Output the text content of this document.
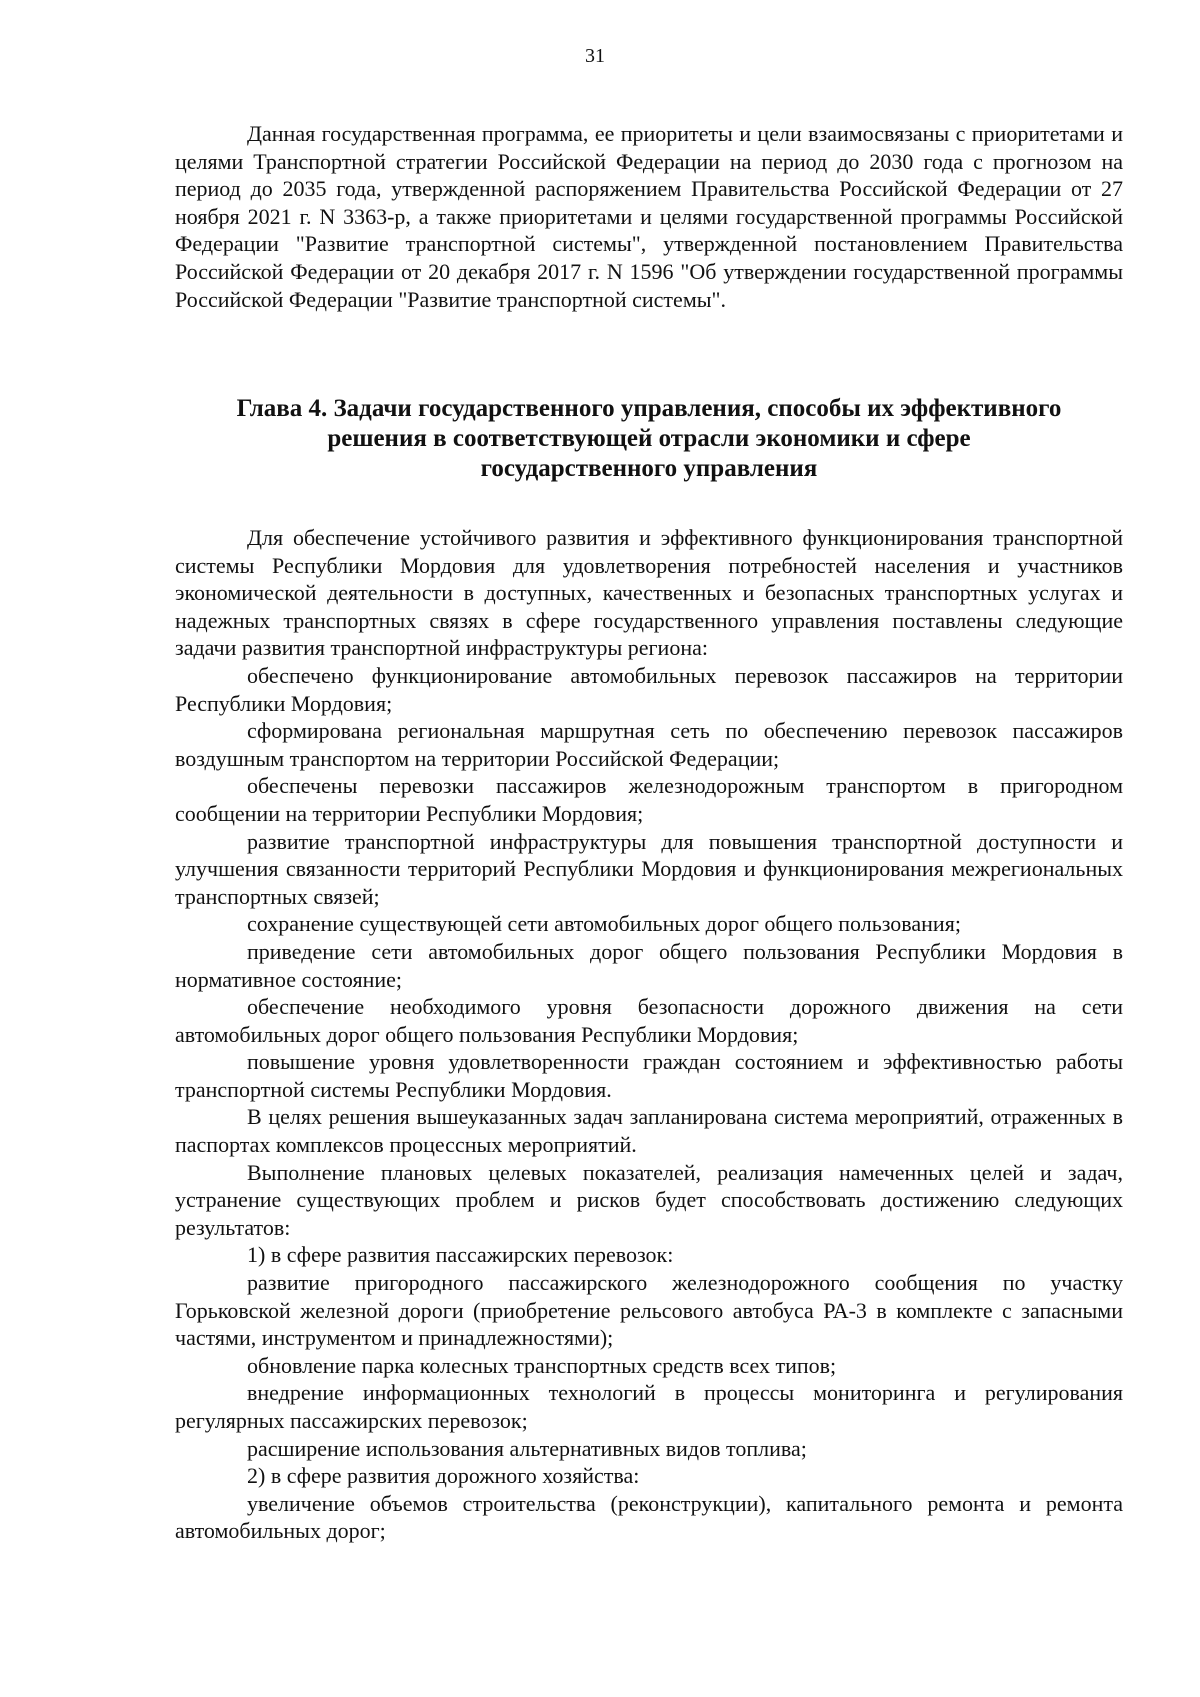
31

Данная государственная программа, ее приоритеты и цели взаимосвязаны с приоритетами и целями Транспортной стратегии Российской Федерации на период до 2030 года с прогнозом на период до 2035 года, утвержденной распоряжением Правительства Российской Федерации от 27 ноября 2021 г. N 3363-р, а также приоритетами и целями государственной программы Российской Федерации "Развитие транспортной системы", утвержденной постановлением Правительства Российской Федерации от 20 декабря 2017 г. N 1596 "Об утверждении государственной программы Российской Федерации "Развитие транспортной системы".

Глава 4. Задачи государственного управления, способы их эффективного
решения в соответствующей отрасли экономики и сфере
государственного управления

Для обеспечение устойчивого развития и эффективного функционирования транспортной системы Республики Мордовия для удовлетворения потребностей населения и участников экономической деятельности в доступных, качественных и безопасных транспортных услугах и надежных транспортных связях в сфере государственного управления поставлены следующие задачи развития транспортной инфраструктуры региона:

обеспечено функционирование автомобильных перевозок пассажиров на территории Республики Мордовия;

сформирована региональная маршрутная сеть по обеспечению перевозок пассажиров воздушным транспортом на территории Российской Федерации;

обеспечены перевозки пассажиров железнодорожным транспортом в пригородном сообщении на территории Республики Мордовия;

развитие транспортной инфраструктуры для повышения транспортной доступности и улучшения связанности территорий Республики Мордовия и функционирования межрегиональных транспортных связей;

сохранение существующей сети автомобильных дорог общего пользования;

приведение сети автомобильных дорог общего пользования Республики Мордовия в нормативное состояние;

обеспечение необходимого уровня безопасности дорожного движения на сети автомобильных дорог общего пользования Республики Мордовия;

повышение уровня удовлетворенности граждан состоянием и эффективностью работы транспортной системы Республики Мордовия.

В целях решения вышеуказанных задач запланирована система мероприятий, отраженных в паспортах комплексов процессных мероприятий.

Выполнение плановых целевых показателей, реализация намеченных целей и задач, устранение существующих проблем и рисков будет способствовать достижению следующих результатов:

1) в сфере развития пассажирских перевозок:

развитие пригородного пассажирского железнодорожного сообщения по участку Горьковской железной дороги (приобретение рельсового автобуса РА-3 в комплекте с запасными частями, инструментом и принадлежностями);

обновление парка колесных транспортных средств всех типов;

внедрение информационных технологий в процессы мониторинга и регулирования регулярных пассажирских перевозок;

расширение использования альтернативных видов топлива;

2) в сфере развития дорожного хозяйства:

увеличение объемов строительства (реконструкции), капитального ремонта и ремонта автомобильных дорог;
